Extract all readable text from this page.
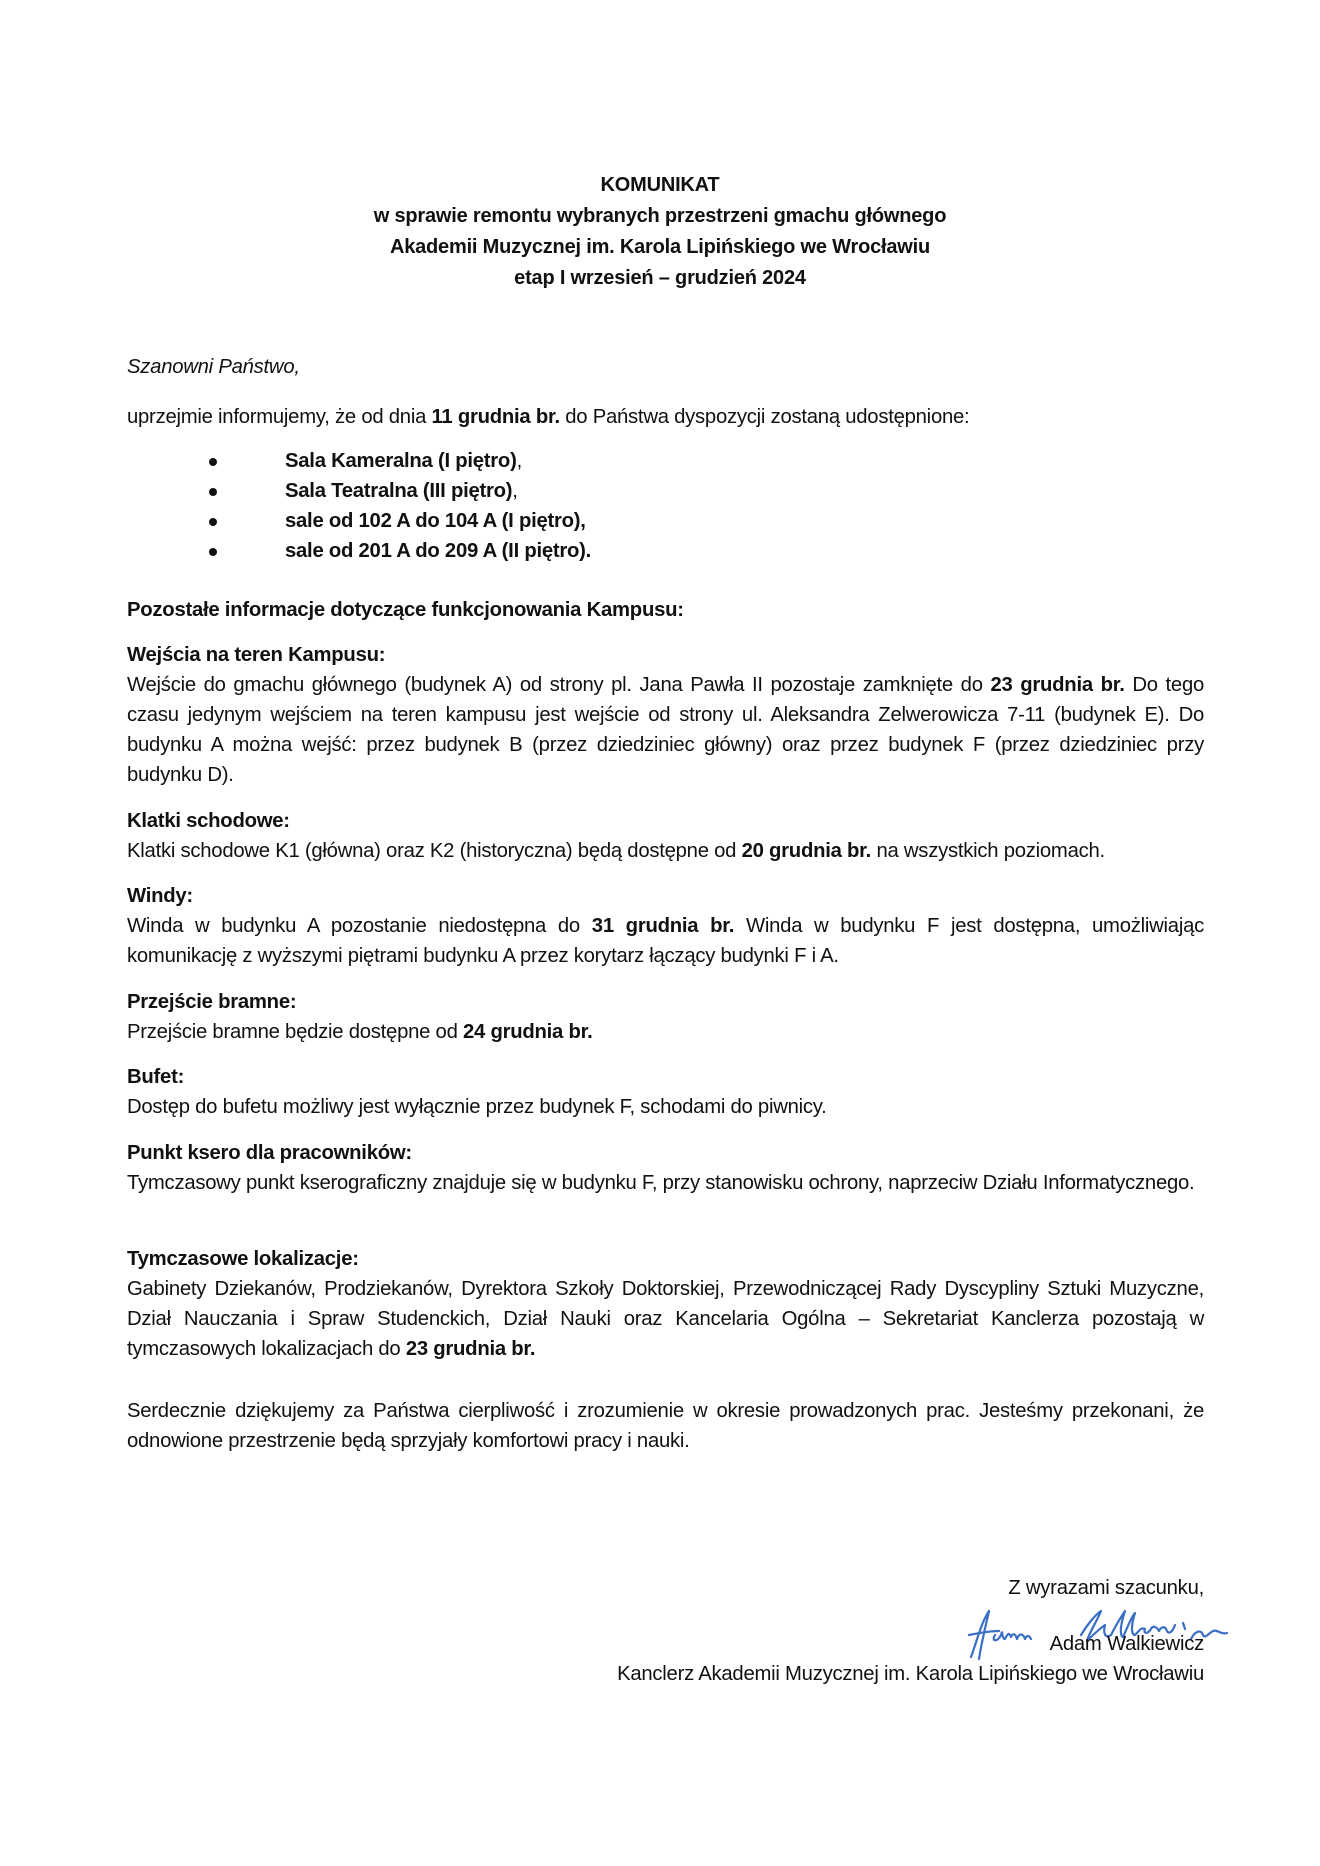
KOMUNIKAT
w sprawie remontu wybranych przestrzeni gmachu głównego
Akademii Muzycznej im. Karola Lipińskiego we Wrocławiu
etap I wrzesień – grudzień 2024
Szanowni Państwo,
uprzejmie informujemy, że od dnia 11 grudnia br. do Państwa dyspozycji zostaną udostępnione:
Sala Kameralna (I piętro),
Sala Teatralna (III piętro),
sale od 102 A do 104 A (I piętro),
sale od 201 A do 209 A (II piętro).
Pozostałe informacje dotyczące funkcjonowania Kampusu:
Wejścia na teren Kampusu:
Wejście do gmachu głównego (budynek A) od strony pl. Jana Pawła II pozostaje zamknięte do 23 grudnia br. Do tego czasu jedynym wejściem na teren kampusu jest wejście od strony ul. Aleksandra Zelwerowicza 7-11 (budynek E). Do budynku A można wejść: przez budynek B (przez dziedziniec główny) oraz przez budynek F (przez dziedziniec przy budynku D).
Klatki schodowe:
Klatki schodowe K1 (główna) oraz K2 (historyczna) będą dostępne od 20 grudnia br. na wszystkich poziomach.
Windy:
Winda w budynku A pozostanie niedostępna do 31 grudnia br. Winda w budynku F jest dostępna, umożliwiając komunikację z wyższymi piętrami budynku A przez korytarz łączący budynki F i A.
Przejście bramne:
Przejście bramne będzie dostępne od 24 grudnia br.
Bufet:
Dostęp do bufetu możliwy jest wyłącznie przez budynek F, schodami do piwnicy.
Punkt ksero dla pracowników:
Tymczasowy punkt kserograficzny znajduje się w budynku F, przy stanowisku ochrony, naprzeciw Działu Informatycznego.
Tymczasowe lokalizacje:
Gabinety Dziekanów, Prodziekanów, Dyrektora Szkoły Doktorskiej, Przewodniczącej Rady Dyscypliny Sztuki Muzyczne, Dział Nauczania i Spraw Studenckich, Dział Nauki oraz Kancelaria Ogólna – Sekretariat Kanclerza pozostają w tymczasowych lokalizacjach do 23 grudnia br.
Serdecznie dziękujemy za Państwa cierpliwość i zrozumienie w okresie prowadzonych prac. Jesteśmy przekonani, że odnowione przestrzenie będą sprzyjały komfortowi pracy i nauki.
Z wyrazami szacunku,
Adam Walkiewicz
Kanclerz Akademii Muzycznej im. Karola Lipińskiego we Wrocławiu
